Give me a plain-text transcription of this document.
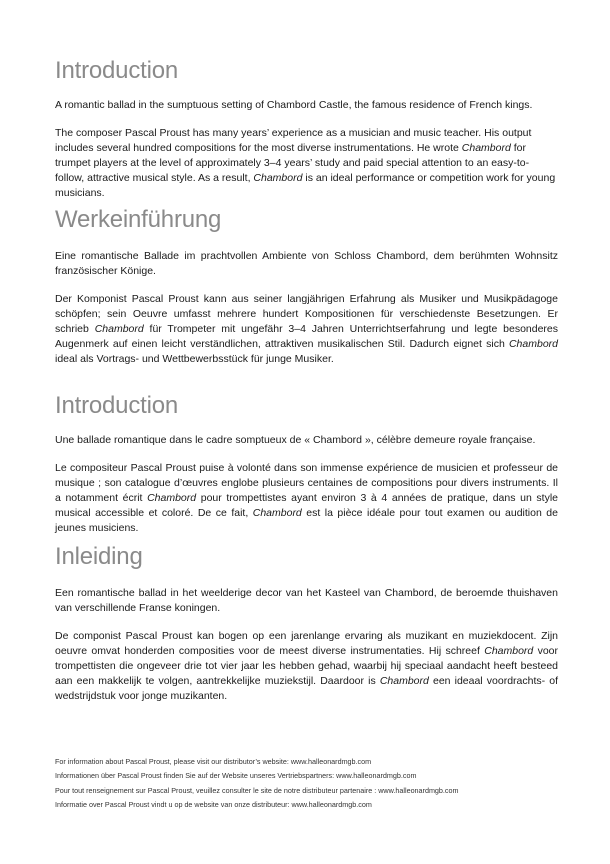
Introduction

A romantic ballad in the sumptuous setting of Chambord Castle, the famous residence of French kings.

The composer Pascal Proust has many years’ experience as a musician and music teacher. His output includes several hundred compositions for the most diverse instrumentations. He wrote Chambord for trumpet players at the level of approximately 3–4 years’ study and paid special attention to an easy-to-follow, attractive musical style. As a result, Chambord is an ideal performance or competition work for young musicians.

Werkeinführung

Eine romantische Ballade im prachtvollen Ambiente von Schloss Chambord, dem berühmten Wohnsitz französischer Könige.

Der Komponist Pascal Proust kann aus seiner langjährigen Erfahrung als Musiker und Musikpädagoge schöpfen; sein Oeuvre umfasst mehrere hundert Kompositionen für verschiedenste Besetzungen. Er schrieb Chambord für Trompeter mit ungefähr 3–4 Jahren Unterrichtserfahrung und legte besonderes Augenmerk auf einen leicht verständlichen, attraktiven musikalischen Stil. Dadurch eignet sich Chambord ideal als Vortrags- und Wettbewerbsstück für junge Musiker.

Introduction

Une ballade romantique dans le cadre somptueux de « Chambord », célèbre demeure royale française.

Le compositeur Pascal Proust puise à volonté dans son immense expérience de musicien et professeur de musique ; son catalogue d’œuvres englobe plusieurs centaines de compositions pour divers instruments. Il a notamment écrit Chambord pour trompettistes ayant environ 3 à 4 années de pratique, dans un style musical accessible et coloré. De ce fait, Chambord est la pièce idéale pour tout examen ou audition de jeunes musiciens.

Inleiding

Een romantische ballad in het weelderige decor van het Kasteel van Chambord, de beroemde thuishaven van verschillende Franse koningen.

De componist Pascal Proust kan bogen op een jarenlange ervaring als muzikant en muziekdocent. Zijn oeuvre omvat honderden composities voor de meest diverse instrumentaties. Hij schreef Chambord voor trompettisten die ongeveer drie tot vier jaar les hebben gehad, waarbij hij speciaal aandacht heeft besteed aan een makkelijk te volgen, aantrekkelijke muziekstijl. Daardoor is Chambord een ideaal voordrachts- of wedstrijdstuk voor jonge muzikanten.

For information about Pascal Proust, please visit our distributor’s website: www.halleonardmgb.com

Informationen über Pascal Proust finden Sie auf der Website unseres Vertriebspartners: www.halleonardmgb.com

Pour tout renseignement sur Pascal Proust, veuillez consulter le site de notre distributeur partenaire : www.halleonardmgb.com

Informatie over Pascal Proust vindt u op de website van onze distributeur: www.halleonardmgb.com
